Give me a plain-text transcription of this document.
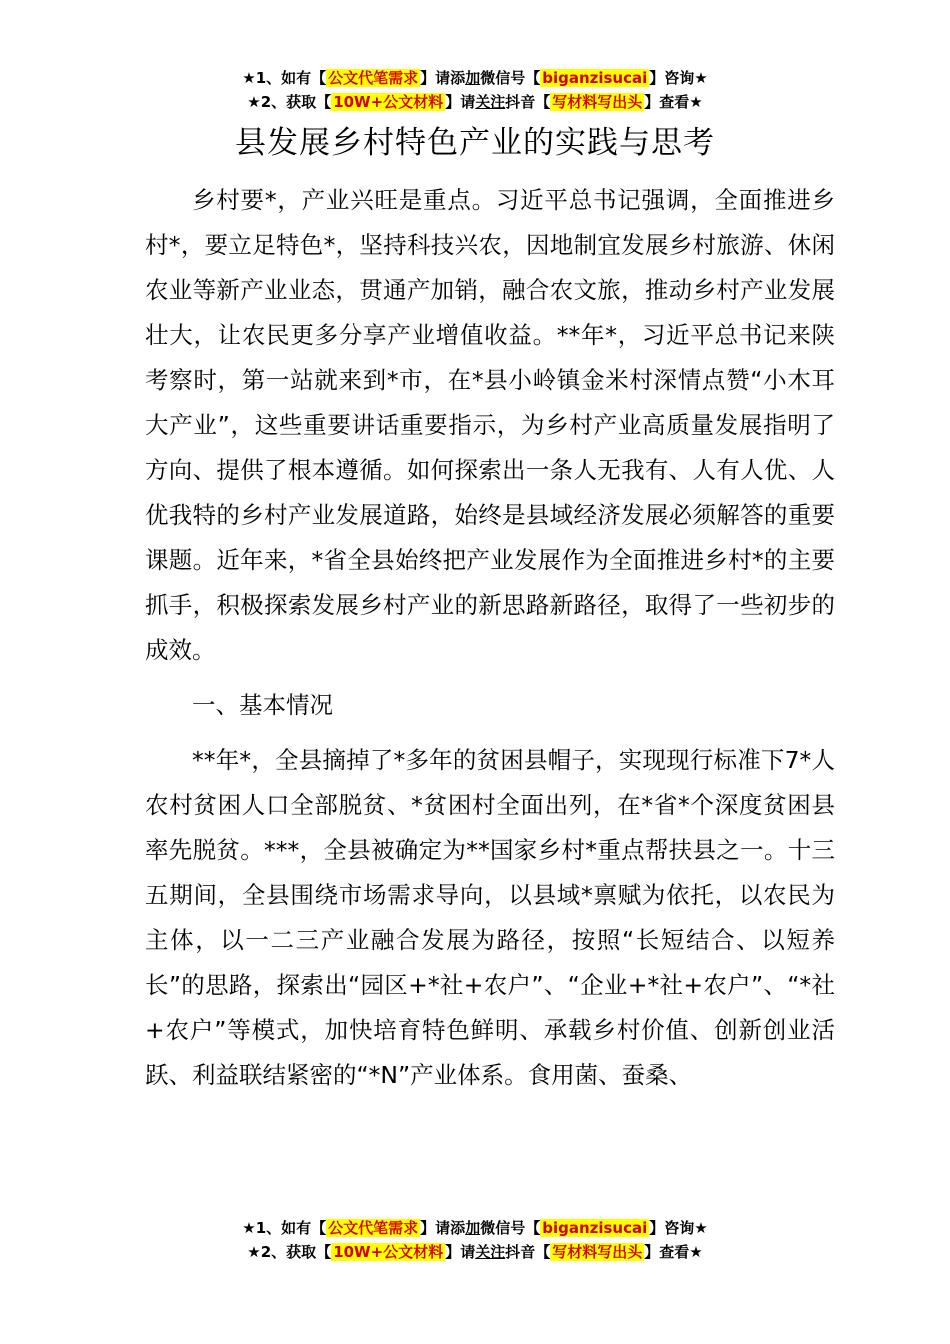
★1、如有【 公文代笔需求 】请添加微信号【 biganzisucai 】咨询★
★2、获取【 10W+公文材料 】请关注抖音【 写材料写出头 】查看★
县发展乡村特色产业的实践与思考

乡村要*，产业兴旺是重点。习近平总书记强调，全面推进乡村*，要立足特色*，坚持科技兴农，因地制宜发展乡村旅游、休闲农业等新产业业态，贯通产加销，融合农文旅，推动乡村产业发展壮大，让农民更多分享产业增值收益。**年*，习近平总书记来陕考察时，第一站就来到*市，在*县小岭镇金米村深情点赞“小木耳大产业”，这些重要讲话重要指示，为乡村产业高质量发展指明了方向、提供了根本遵循。如何探索出一条人无我有、人有人优、人优我特的乡村产业发展道路，始终是县域经济发展必须解答的重要课题。近年来，*省全县始终把产业发展作为全面推进乡村*的主要抓手，积极探索发展乡村产业的新思路新路径，取得了一些初步的成效。

一、基本情况

**年*，全县摘掉了*多年的贫困县帽子，实现现行标准下7*人农村贫困人口全部脱贫、*贫困村全面出列，在*省*个深度贫困县率先脱贫。***，全县被确定为**国家乡村*重点帮扶县之一。十三五期间，全县围绕市场需求导向，以县域*禀赋为依托，以农民为主体，以一二三产业融合发展为路径，按照“长短结合、以短养长”的思路，探索出“园区+*社+农户”、“企业+*社+农户”、“*社+农户”等模式，加快培育特色鲜明、承载乡村价值、创新创业活跃、利益联结紧密的“*N”产业体系。食用菌、蚕桑、

★1、如有【 公文代笔需求 】请添加微信号【 biganzisucai 】咨询★
★2、获取【 10W+公文材料 】请关注抖音【 写材料写出头 】查看★
